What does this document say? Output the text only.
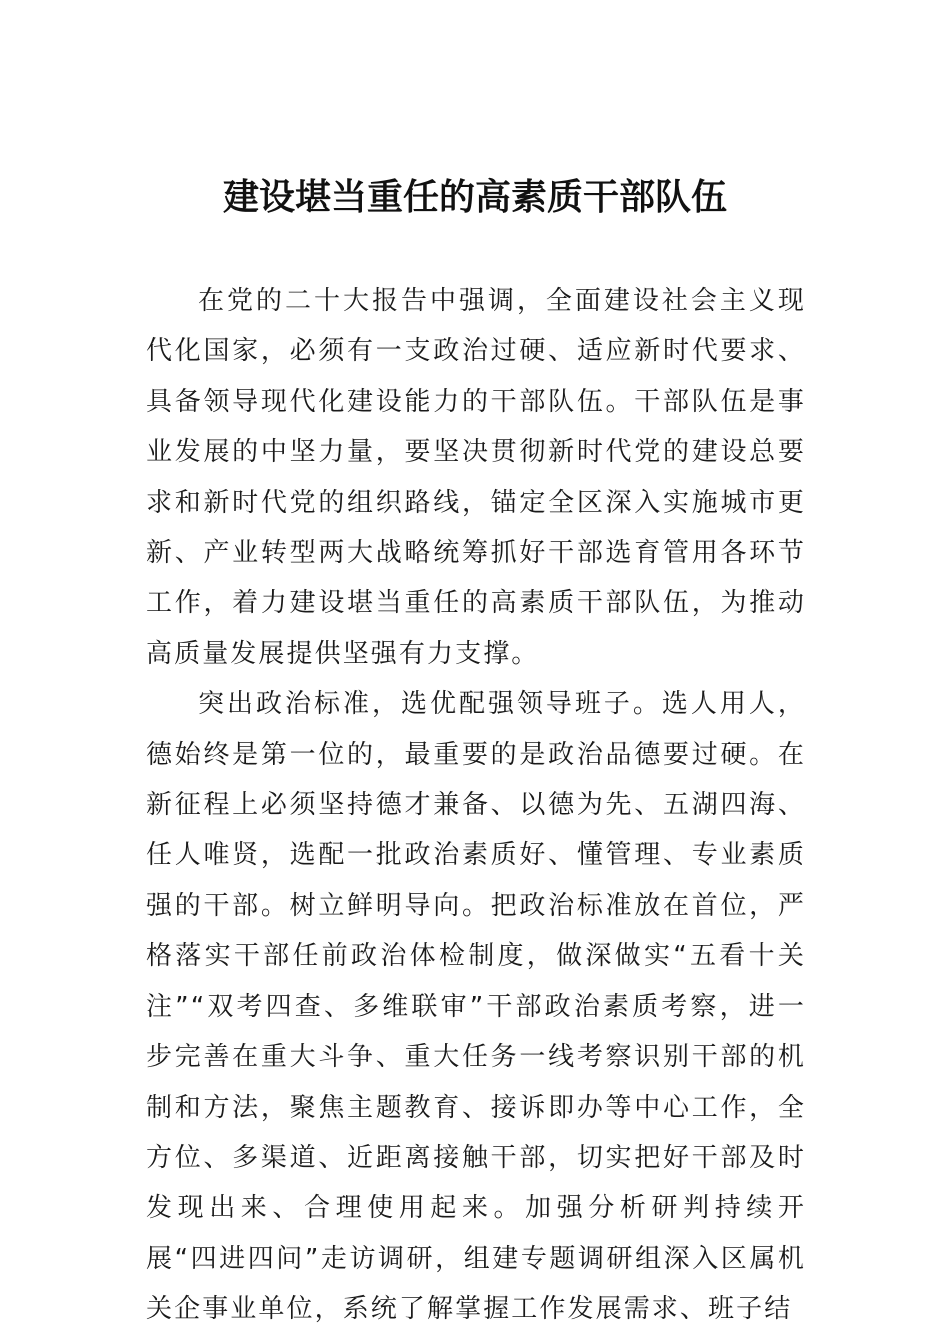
建设堪当重任的高素质干部队伍

在党的二十大报告中强调，全面建设社会主义现代化国家，必须有一支政治过硬、适应新时代要求、具备领导现代化建设能力的干部队伍。干部队伍是事业发展的中坚力量，要坚决贯彻新时代党的建设总要求和新时代党的组织路线，锚定全区深入实施城市更新、产业转型两大战略统筹抓好干部选育管用各环节工作，着力建设堪当重任的高素质干部队伍，为推动高质量发展提供坚强有力支撑。

突出政治标准，选优配强领导班子。选人用人，德始终是第一位的，最重要的是政治品德要过硬。在新征程上必须坚持德才兼备、以德为先、五湖四海、任人唯贤，选配一批政治素质好、懂管理、专业素质强的干部。树立鲜明导向。把政治标准放在首位，严格落实干部任前政治体检制度，做深做实“五看十关注”“双考四查、多维联审”干部政治素质考察，进一步完善在重大斗争、重大任务一线考察识别干部的机制和方法，聚焦主题教育、接诉即办等中心工作，全方位、多渠道、近距离接触干部，切实把好干部及时发现出来、合理使用起来。加强分析研判持续开展“四进四问”走访调研，组建专题调研组深入区属机关企事业单位，系统了解掌握工作发展需求、班子结
